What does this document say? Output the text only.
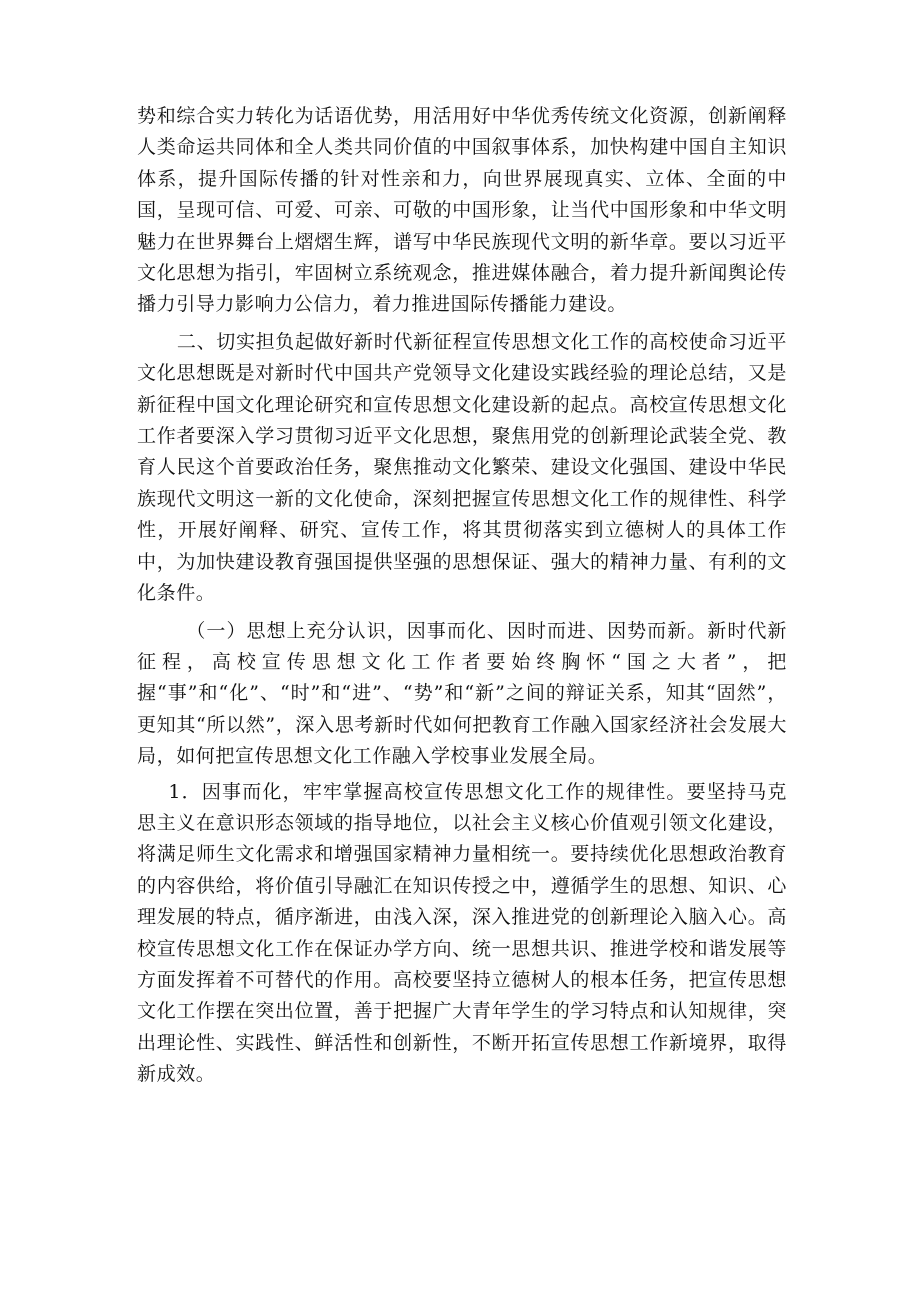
势和综合实力转化为话语优势，用活用好中华优秀传统文化资源，创新阐释人类命运共同体和全人类共同价值的中国叙事体系，加快构建中国自主知识体系，提升国际传播的针对性亲和力，向世界展现真实、立体、全面的中国，呈现可信、可爱、可亲、可敬的中国形象，让当代中国形象和中华文明魅力在世界舞台上熠熠生辉，谱写中华民族现代文明的新华章。要以习近平文化思想为指引，牢固树立系统观念，推进媒体融合，着力提升新闻舆论传播力引导力影响力公信力，着力推进国际传播能力建设。

二、切实担负起做好新时代新征程宣传思想文化工作的高校使命习近平文化思想既是对新时代中国共产党领导文化建设实践经验的理论总结，又是新征程中国文化理论研究和宣传思想文化建设新的起点。高校宣传思想文化工作者要深入学习贯彻习近平文化思想，聚焦用党的创新理论武装全党、教育人民这个首要政治任务，聚焦推动文化繁荣、建设文化强国、建设中华民族现代文明这一新的文化使命，深刻把握宣传思想文化工作的规律性、科学性，开展好阐释、研究、宣传工作，将其贯彻落实到立德树人的具体工作中，为加快建设教育强国提供坚强的思想保证、强大的精神力量、有利的文化条件。

（一）思想上充分认识，因事而化、因时而进、因势而新。新时代新征程，高校宣传思想文化工作者要始终胸怀“国之大者”，把握“事”和“化”、“时”和“进”、“势”和“新”之间的辩证关系，知其“固然”，更知其“所以然”，深入思考新时代如何把教育工作融入国家经济社会发展大局，如何把宣传思想文化工作融入学校事业发展全局。

1．因事而化，牢牢掌握高校宣传思想文化工作的规律性。要坚持马克思主义在意识形态领域的指导地位，以社会主义核心价值观引领文化建设，将满足师生文化需求和增强国家精神力量相统一。要持续优化思想政治教育的内容供给，将价值引导融汇在知识传授之中，遵循学生的思想、知识、心理发展的特点，循序渐进，由浅入深，深入推进党的创新理论入脑入心。高校宣传思想文化工作在保证办学方向、统一思想共识、推进学校和谐发展等方面发挥着不可替代的作用。高校要坚持立德树人的根本任务，把宣传思想文化工作摆在突出位置，善于把握广大青年学生的学习特点和认知规律，突出理论性、实践性、鲜活性和创新性，不断开拓宣传思想工作新境界，取得新成效。
